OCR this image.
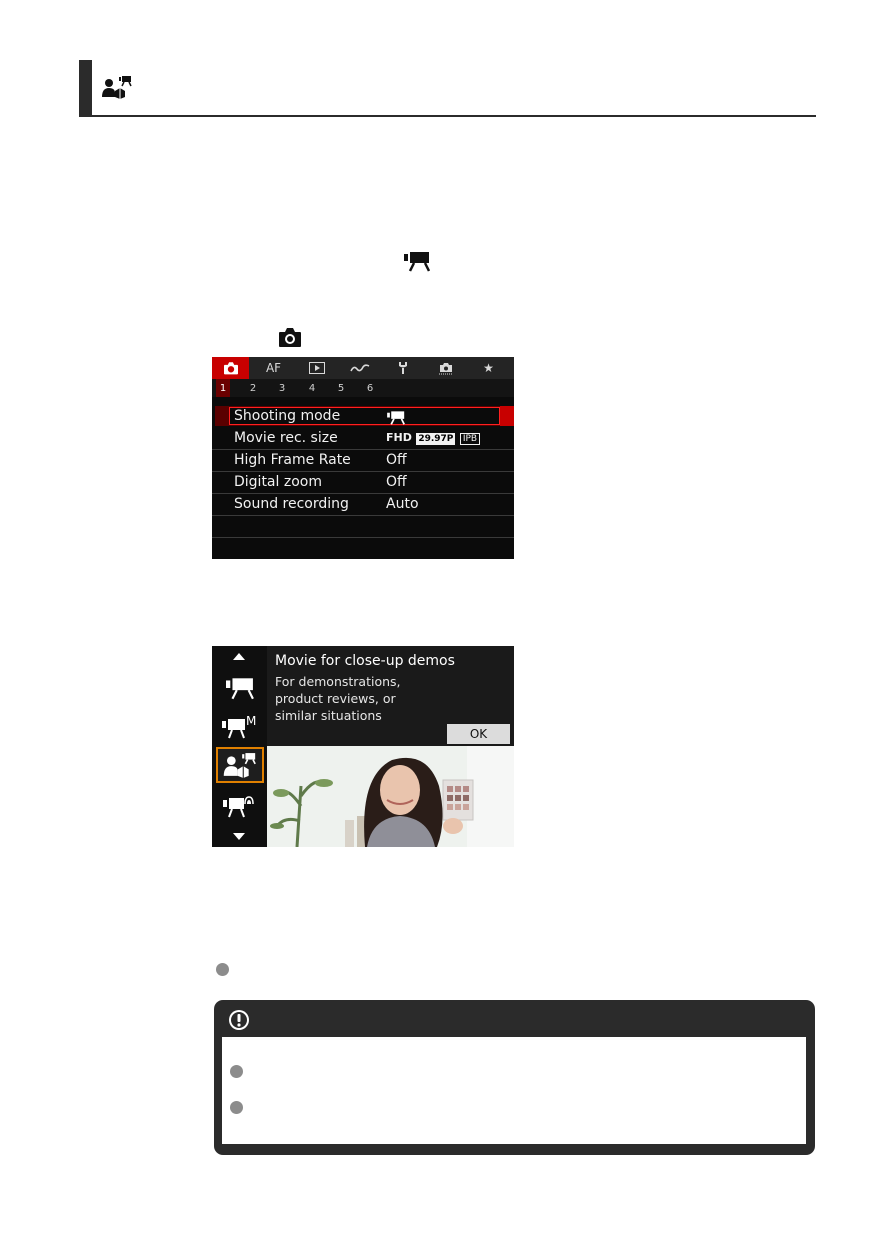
AF	★
1	2	3	4	5	6
Shooting mode
Movie rec. size	FHD 29.97P IPB
High Frame Rate	Off
Digital zoom	Off
Sound recording	Auto
M
Movie for close-up demos
For demonstrations,
product reviews, or
similar situations
OK
